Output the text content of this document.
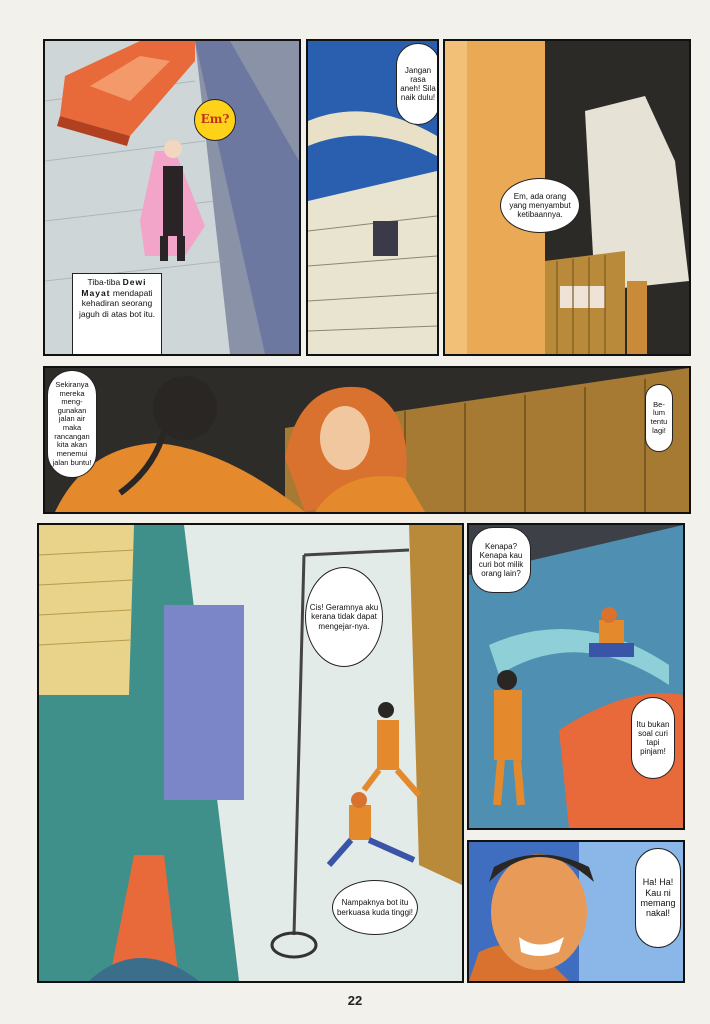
Em?
Tiba-tiba Dewi Mayat mendapati kehadiran seorang jaguh di atas bot itu.
Jangan rasa aneh! Sila naik dulu!
Em, ada orang yang menyambut ketibaannya.
Sekiranya mereka meng-gunakan jalan air maka rancangan kita akan menemui jalan buntu!
Be-lum tentu lagi!
Cis! Geramnya aku kerana tidak dapat mengejar-nya.
Nampaknya bot itu berkuasa kuda tinggi!
Kenapa? Kenapa kau curi bot milik orang lain?
Itu bukan soal curi tapi pinjam!
Ha! Ha! Kau ni memang nakal!
22
